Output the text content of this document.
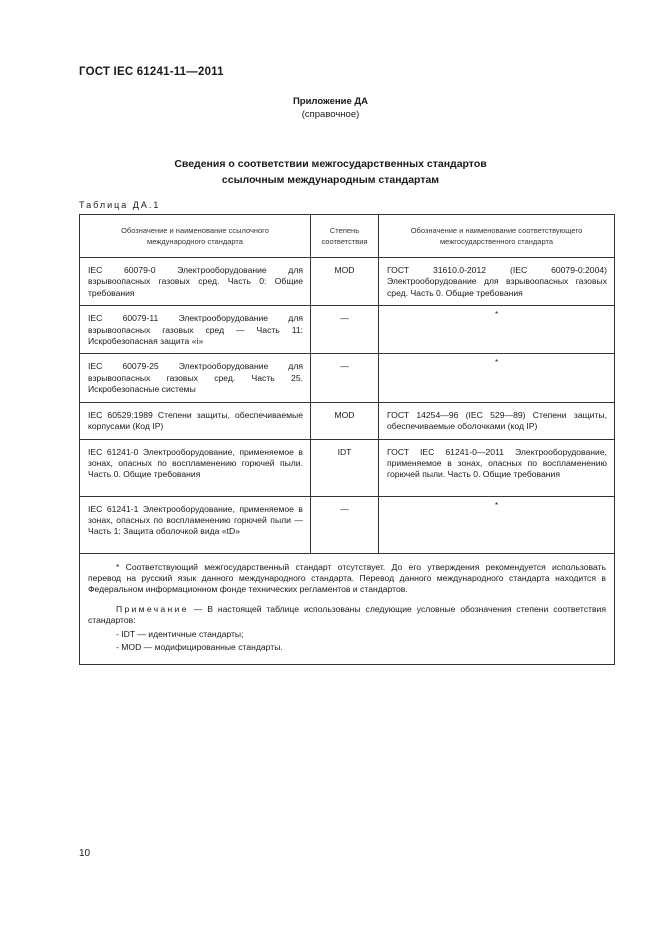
ГОСТ IEC 61241-11—2011
Приложение ДА
(справочное)
Сведения о соответствии межгосударственных стандартов
ссылочным международным стандартам
Таблица ДА.1
Обозначение и наименование ссылочного международного стандарта	Степень соответствия	Обозначение и наименование соответствующего межгосударственного стандарта

IEC 60079-0 Электрооборудование для взрывоопасных газовых сред. Часть 0: Общие требования	MOD	ГОСТ 31610.0-2012 (IEC 60079-0:2004) Электрооборудование для взрывоопасных газовых сред. Часть 0. Общие требования

IEC 60079-11 Электрооборудование для взрывоопасных газовых сред — Часть 11: Искробезопасная защита «i»	—	*

IEC 60079-25 Электрооборудование для взрывоопасных газовых сред. Часть 25. Искробезопасные системы	—	*

IEC 60529:1989 Степени защиты, обеспечиваемые корпусами (Код IP)	MOD	ГОСТ 14254—96 (IEC 529—89) Степени защиты, обеспечиваемые оболочками (код IP)

IEC 61241-0 Электрооборудование, применяемое в зонах, опасных по воспламенению горючей пыли. Часть 0. Общие требования	IDT	ГОСТ IEC 61241-0—2011 Электрооборудование, применяемое в зонах, опасных по воспламенению горючей пыли. Часть 0. Общие требования

IEC 61241-1 Электрооборудование, применяемое в зонах, опасных по воспламенению горючей пыли — Часть 1: Защита оболочкой вида «tD»	—	*

* Соответствующий межгосударственный стандарт отсутствует. До его утверждения рекомендуется использовать перевод на русский язык данного международного стандарта. Перевод данного международного стандарта находится в Федеральном информационном фонде технических регламентов и стандартов.

Примечание — В настоящей таблице использованы следующие условные обозначения степени соответствия стандартов:

- IDT — идентичные стандарты;

- MOD — модифицированные стандарты.		

10
